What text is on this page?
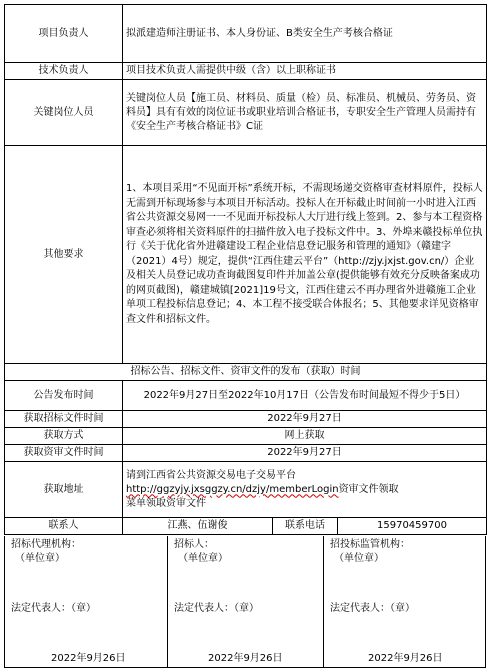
项目负责人	拟派建造师注册证书、本人身份证、B类安全生产考核合格证		
技术负责人	项目技术负责人需提供中级（含）以上职称证书		
关键岗位人员	关键岗位人员【施工员、材料员、质量（检）员、标准员、机械员、劳务员、资料员】具有有效的岗位证书或职业培训合格证书，专职安全生产管理人员需持有《安全生产考核合格证书》C证		
其他要求	1、本项目采用“不见面开标”系统开标，不需现场递交资格审查材料原件，投标人无需到开标现场参与本项目开标活动。投标人在开标截止时间前一小时进入江西省公共资源交易网一一不见面开标投标人大厅进行线上签到。2、参与本工程资格审查必须将相关资料原件的扫描件放入电子投标文件中。3、外埠来赣投标单位执行《关于优化省外进赣建设工程企业信息登记服务和管理的通知》（赣建字（2021）4号）规定，提供“江西住建云平台”（http://zjy.jxjst.gov.cn/）企业及相关人员登记成功查询截图复印件并加盖公章(提供能够有效充分反映备案成功的网页截图)，赣建城镇[2021]19号文，江西住建云不再办理省外进赣施工企业单项工程投标信息登记；4、本工程不接受联合体报名；5、其他要求详见资格审查文件和招标文件。		
招标公告、招标文件、资审文件的发布（获取）时间			
公告发布时间	2022年9月27日至2022年10月17日（公告发布时间最短不得少于5日）		
获取招标文件时间	2022年9月27日		
获取方式	网上获取		
获取资审文件时间	2022年9月27日		
获取地址	请到江西省公共资源交易电子交易平台
http://ggzyjy.jxsggzy.cn/dzjy/memberLogin资审文件领取
菜单领取资审文件		

联系人	江燕、伍谢俊	联系电话	15970459700
招标代理机构：
（单位章）
法定代表人：（章）
2022年9月26日
招标人：
（单位章）
法定代表人：（章）
2022年9月26日
招投标监管机构：
（单位章）
法定代表人：（章）
2022年9月26日
